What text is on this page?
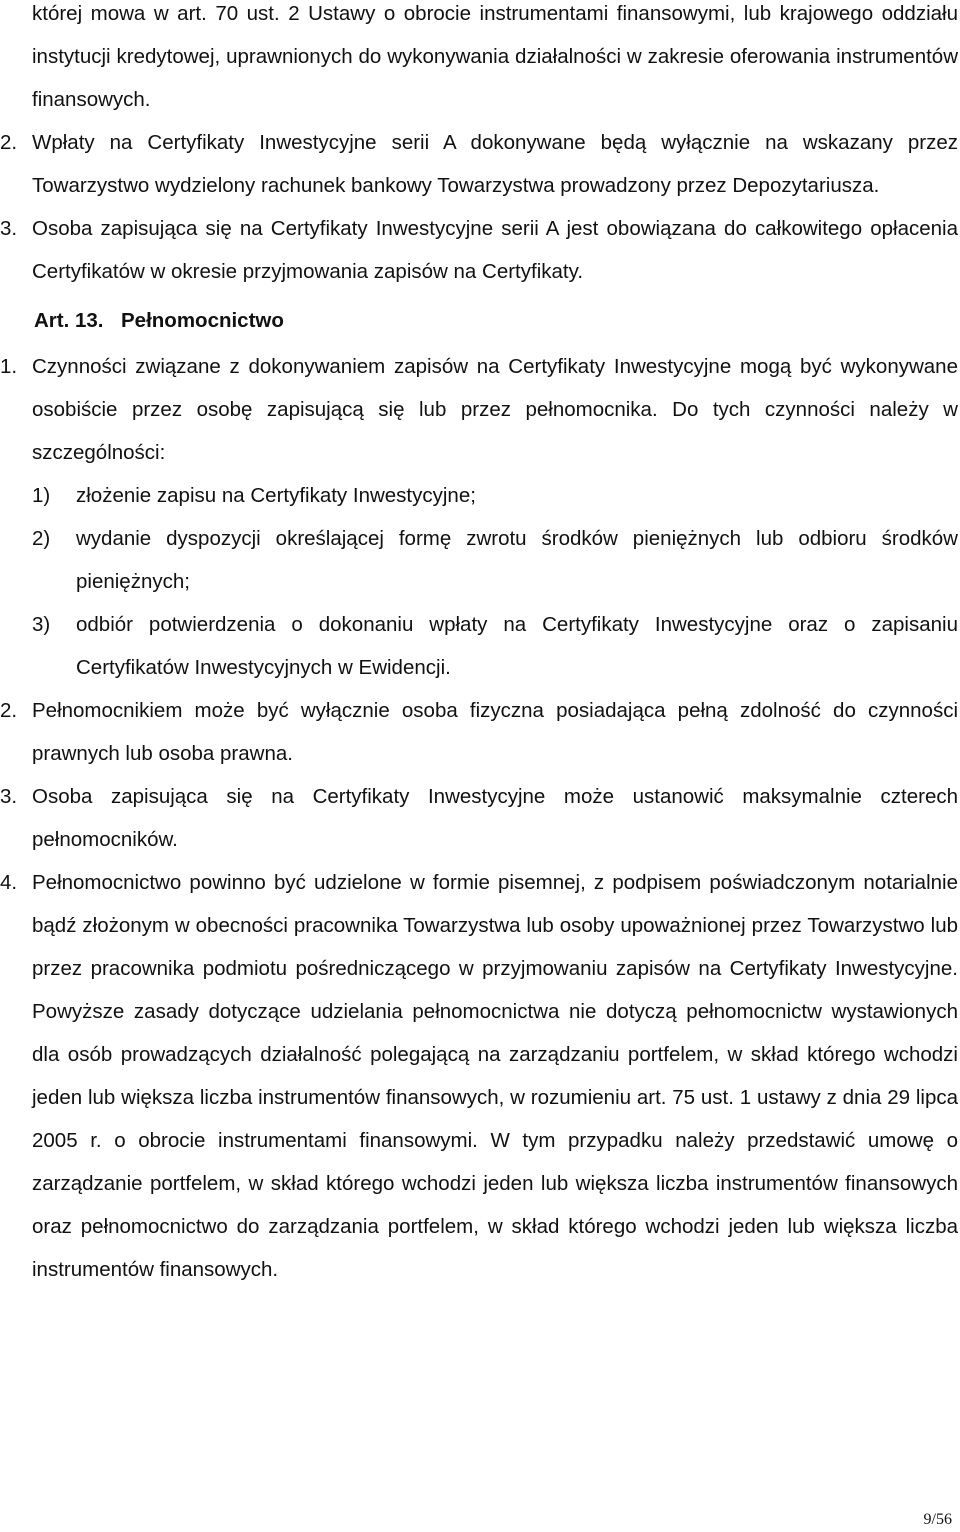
której mowa w art. 70 ust. 2 Ustawy o obrocie instrumentami finansowymi, lub krajowego oddziału instytucji kredytowej, uprawnionych do wykonywania działalności w zakresie oferowania instrumentów finansowych.

2. Wpłaty na Certyfikaty Inwestycyjne serii A dokonywane będą wyłącznie na wskazany przez Towarzystwo wydzielony rachunek bankowy Towarzystwa prowadzony przez Depozytariusza.

3. Osoba zapisująca się na Certyfikaty Inwestycyjne serii A jest obowiązana do całkowitego opłacenia Certyfikatów w okresie przyjmowania zapisów na Certyfikaty.

Art. 13. Pełnomocnictwo
1. Czynności związane z dokonywaniem zapisów na Certyfikaty Inwestycyjne mogą być wykonywane osobiście przez osobę zapisującą się lub przez pełnomocnika. Do tych czynności należy w szczególności:

1)	złożenie zapisu na Certyfikaty Inwestycyjne;
2)	wydanie dyspozycji określającej formę zwrotu środków pieniężnych lub odbioru środków pieniężnych;
3)	odbiór potwierdzenia o dokonaniu wpłaty na Certyfikaty Inwestycyjne oraz o zapisaniu Certyfikatów Inwestycyjnych w Ewidencji.
2. Pełnomocnikiem może być wyłącznie osoba fizyczna posiadająca pełną zdolność do czynności prawnych lub osoba prawna.

3. Osoba zapisująca się na Certyfikaty Inwestycyjne może ustanowić maksymalnie czterech pełnomocników.

4. Pełnomocnictwo powinno być udzielone w formie pisemnej, z podpisem poświadczonym notarialnie bądź złożonym w obecności pracownika Towarzystwa lub osoby upoważnionej przez Towarzystwo lub przez pracownika podmiotu pośredniczącego w przyjmowaniu zapisów na Certyfikaty Inwestycyjne. Powyższe zasady dotyczące udzielania pełnomocnictwa nie dotyczą pełnomocnictw wystawionych dla osób prowadzących działalność polegającą na zarządzaniu portfelem, w skład którego wchodzi jeden lub większa liczba instrumentów finansowych, w rozumieniu art. 75 ust. 1 ustawy z dnia 29 lipca 2005 r. o obrocie instrumentami finansowymi. W tym przypadku należy przedstawić umowę o zarządzanie portfelem, w skład którego wchodzi jeden lub większa liczba instrumentów finansowych oraz pełnomocnictwo do zarządzania portfelem, w skład którego wchodzi jeden lub większa liczba instrumentów finansowych.

9/56
